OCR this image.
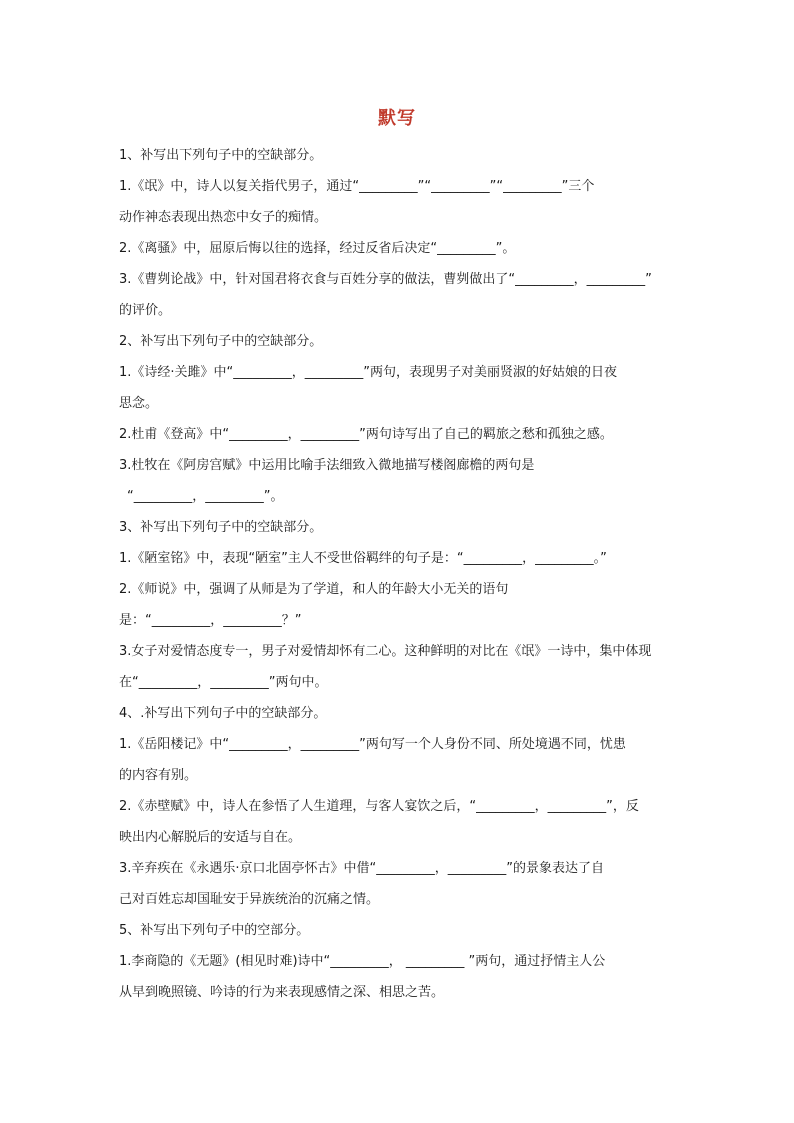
默写
1、补写出下列句子中的空缺部分。
1.《氓》中，诗人以复关指代男子，通过“_________”“_________”“_________”三个
动作神态表现出热恋中女子的痴情。
2.《离骚》中，屈原后悔以往的选择，经过反省后决定“_________”。
3.《曹刿论战》中，针对国君将衣食与百姓分享的做法，曹刿做出了“_________，_________”
的评价。
2、补写出下列句子中的空缺部分。
1.《诗经·关雎》中“_________，_________”两句，表现男子对美丽贤淑的好姑娘的日夜
思念。
2.杜甫《登高》中“_________，_________”两句诗写出了自己的羁旅之愁和孤独之感。
3.杜牧在《阿房宫赋》中运用比喻手法细致入微地描写楼阁廊檐的两句是
“_________，_________”。
3、补写出下列句子中的空缺部分。
1.《陋室铭》中，表现“陋室”主人不受世俗羁绊的句子是：“_________，_________。”
2.《师说》中，强调了从师是为了学道，和人的年龄大小无关的语句
是：“_________，_________？”
3.女子对爱情态度专一，男子对爱情却怀有二心。这种鲜明的对比在《氓》一诗中，集中体现
在“_________，_________”两句中。
4、.补写出下列句子中的空缺部分。
1.《岳阳楼记》中“_________，_________”两句写一个人身份不同、所处境遇不同，忧患
的内容有别。
2.《赤壁赋》中，诗人在参悟了人生道理，与客人宴饮之后，“_________，_________”，反
映出内心解脱后的安适与自在。
3.辛弃疾在《永遇乐·京口北固亭怀古》中借“_________，_________”的景象表达了自
己对百姓忘却国耻安于异族统治的沉痛之情。
5、补写出下列句子中的空部分。
1.李商隐的《无题》(相见时难)诗中“_________， _________ ”两句，通过抒情主人公
从早到晚照镜、吟诗的行为来表现感情之深、相思之苦。
